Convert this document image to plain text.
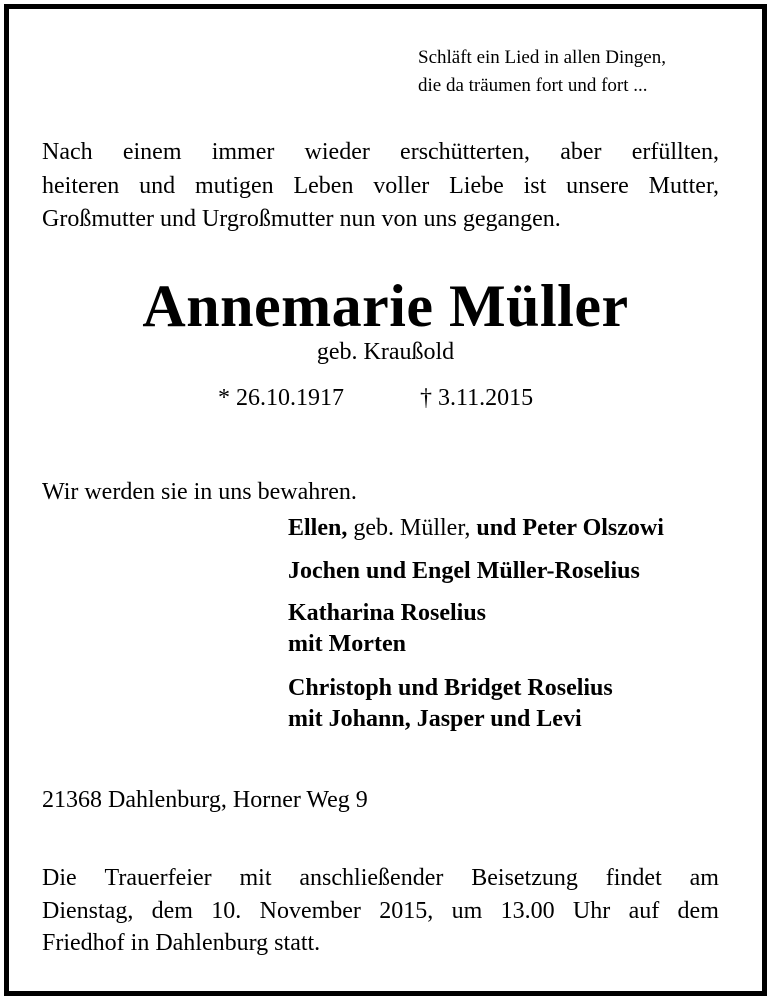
Schläft ein Lied in allen Dingen,
die da träumen fort und fort ...
Nach einem immer wieder erschütterten, aber erfüllten,
heiteren und mutigen Leben voller Liebe ist unsere Mutter,
Großmutter und Urgroßmutter nun von uns gegangen.
Annemarie Müller
geb. Kraußold
* 26.10.1917	† 3.11.2015
Wir werden sie in uns bewahren.
Ellen, geb. Müller, und Peter Olszowi
Jochen und Engel Müller-Roselius
Katharina Roselius
mit Morten
Christoph und Bridget Roselius
mit Johann, Jasper und Levi
21368 Dahlenburg, Horner Weg 9
Die Trauerfeier mit anschließender Beisetzung findet am
Dienstag, dem 10. November 2015, um 13.00 Uhr auf dem
Friedhof in Dahlenburg statt.
